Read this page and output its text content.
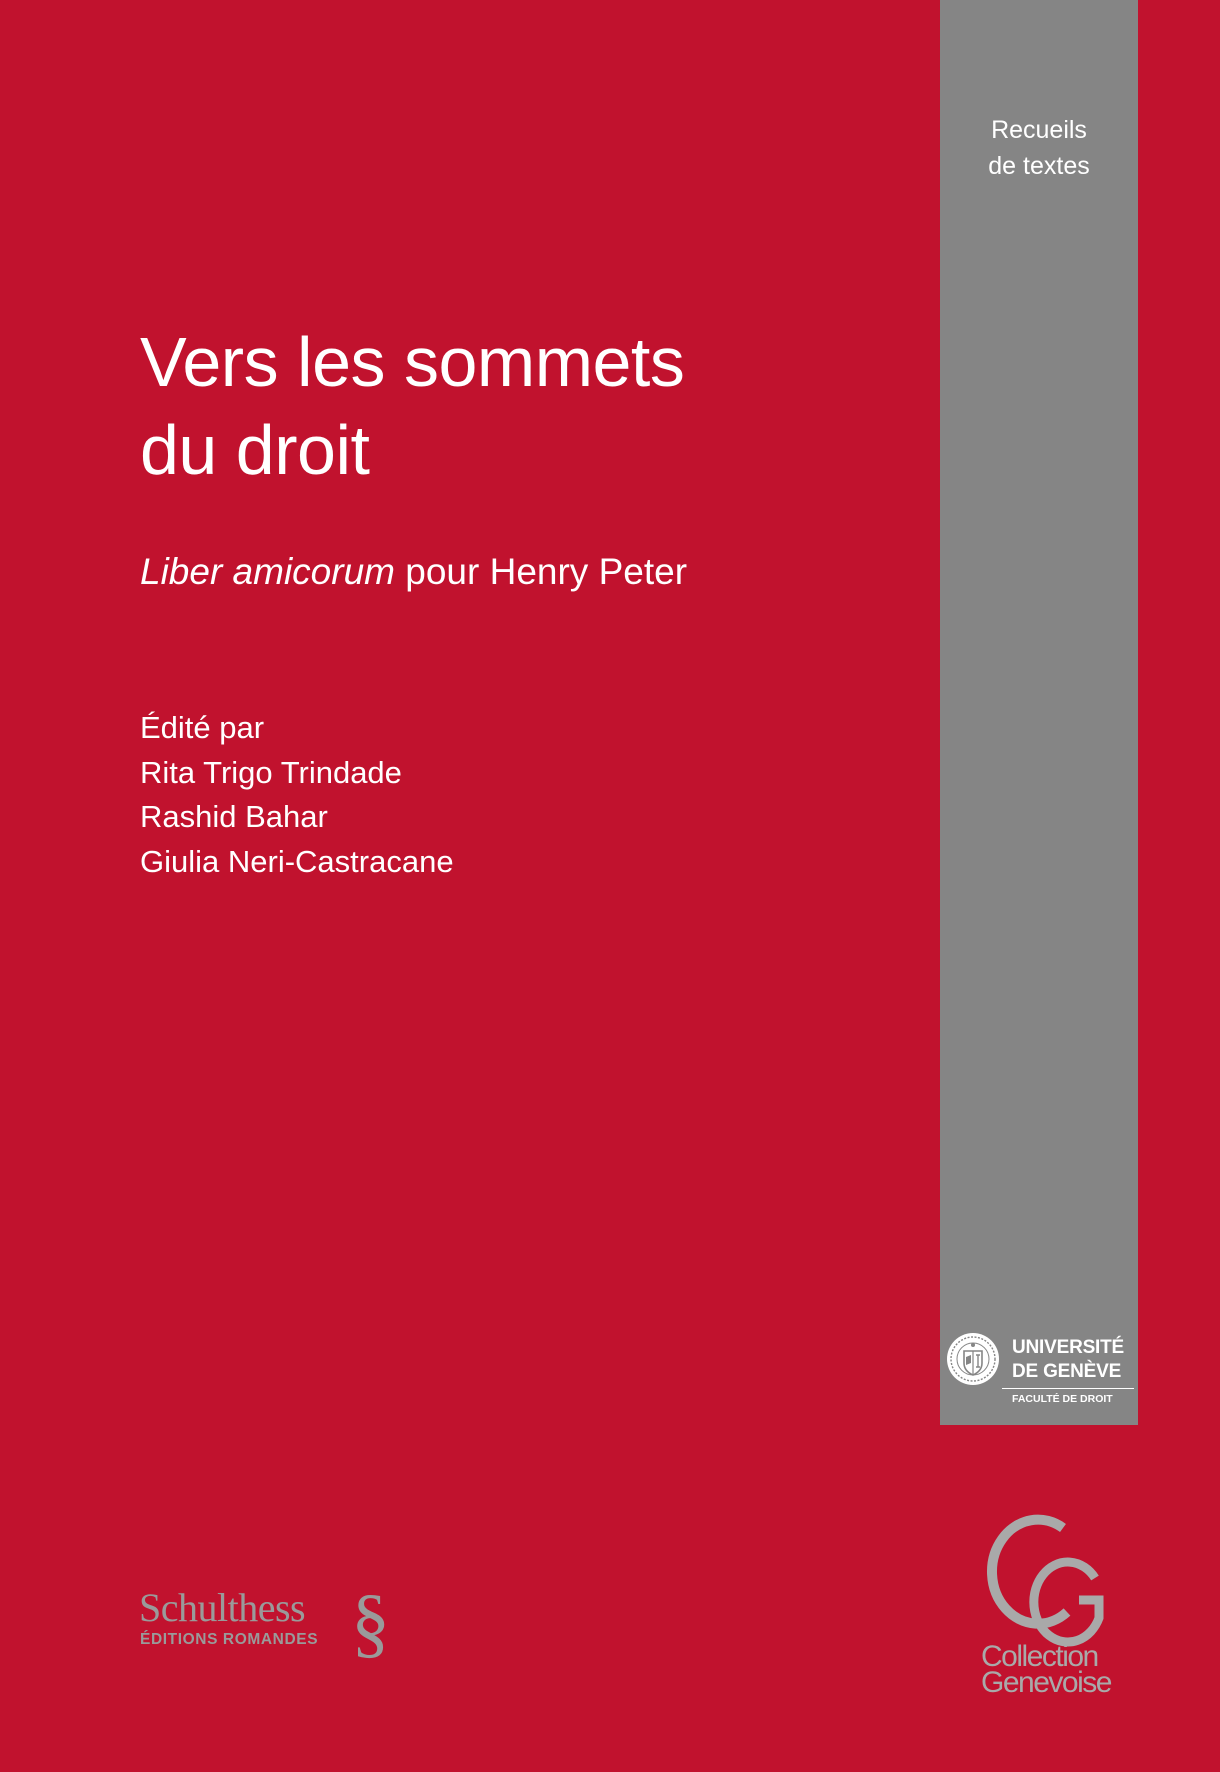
Recueils
de textes
Vers les sommets
du droit
Liber amicorum pour Henry Peter
Édité par
Rita Trigo Trindade
Rashid Bahar
Giulia Neri-Castracane
UNIVERSITÉ
DE GENÈVE
FACULTÉ DE DROIT
Schulthess
ÉDITIONS ROMANDES §	Collection
Genevoise
